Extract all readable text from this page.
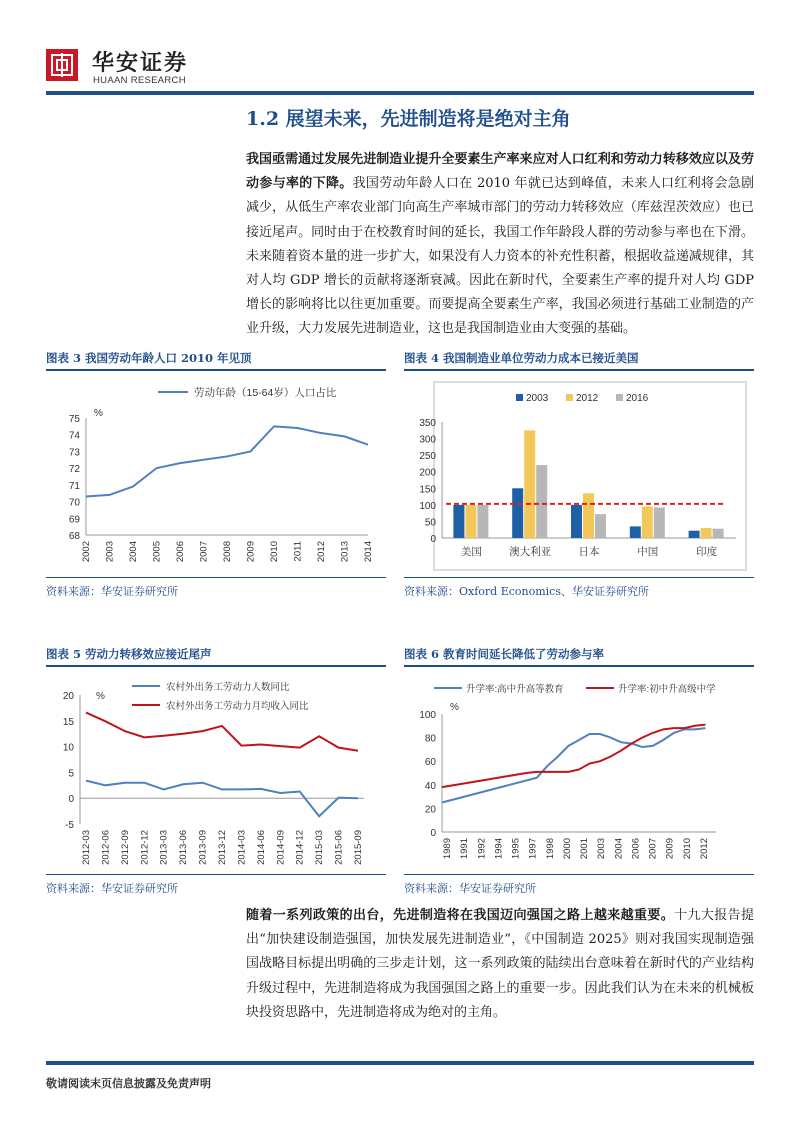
华安证券
HUAAN RESEARCH
1.2 展望未来，先进制造将是绝对主角
我国亟需通过发展先进制造业提升全要素生产率来应对人口红利和劳动力转移效应以及劳动参与率的下降。我国劳动年龄人口在 2010 年就已达到峰值，未来人口红利将会急剧减少，从低生产率农业部门向高生产率城市部门的劳动力转移效应（库兹涅茨效应）也已接近尾声。同时由于在校教育时间的延长，我国工作年龄段人群的劳动参与率也在下滑。未来随着资本量的进一步扩大，如果没有人力资本的补充性积蓄，根据收益递减规律，其对人均 GDP 增长的贡献将逐渐衰减。因此在新时代，全要素生产率的提升对人均 GDP 增长的影响将比以往更加重要。而要提高全要素生产率，我国必须进行基础工业制造的产业升级，大力发展先进制造业，这也是我国制造业由大变强的基础。
图表 3 我国劳动年龄人口 2010 年见顶
68
69
70
71
72
73
74
75
%
2002 2003 2004 2005 2006 2007 2008 2009 2010 2011 2012 2013 2014
劳动年龄（15-64岁）人口占比
资料来源：华安证券研究所
图表 4 我国制造业单位劳动力成本已接近美国
0
50
100
150
200
250
300
350
美国	澳大利亚	日本	中国	印度
2003	2012	2016
资料来源：Oxford Economics、华安证券研究所
图表 5 劳动力转移效应接近尾声
-5
0
5
10
15
20 %
2012-03 2012-06 2012-09 2012-12 2013-03 2013-06 2013-09 2013-12 2014-03 2014-06 2014-09 2014-12 2015-03 2015-06 2015-09
农村外出务工劳动力人数同比
农村外出务工劳动力月均收入同比
资料来源：华安证券研究所
图表 6 教育时间延长降低了劳动参与率
0
20
40
60
80
100
%
1989 1991 1992 1994 1995 1997 1998 2000 2001 2003 2004 2006 2007 2009 2010 2012
升学率:高中升高等教育	升学率:初中升高级中学
资料来源：华安证券研究所
随着一系列政策的出台，先进制造将在我国迈向强国之路上越来越重要。十九大报告提出“加快建设制造强国，加快发展先进制造业”，《中国制造 2025》则对我国实现制造强国战略目标提出明确的三步走计划，这一系列政策的陆续出台意味着在新时代的产业结构升级过程中，先进制造将成为我国强国之路上的重要一步。因此我们认为在未来的机械板块投资思路中，先进制造将成为绝对的主角。
敬请阅读末页信息披露及免责声明
